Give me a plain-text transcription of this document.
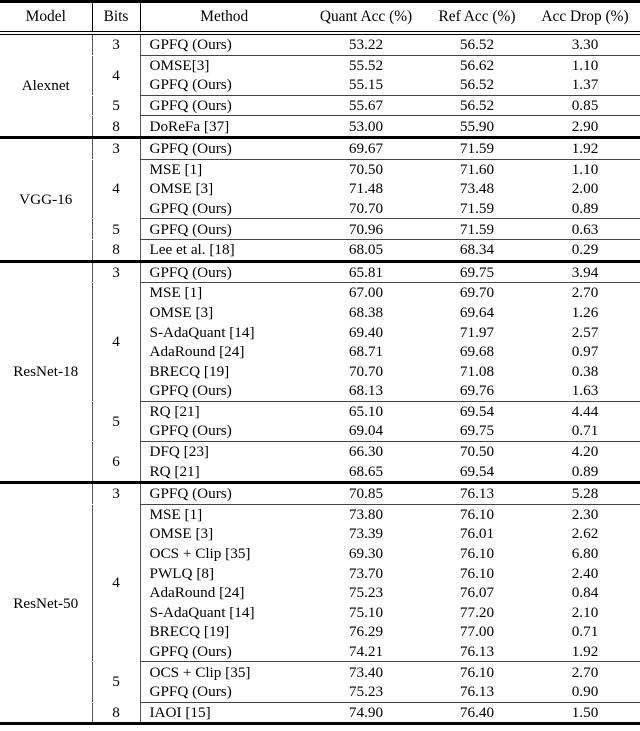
Model	Bits	Method	Quant Acc (%)	Ref Acc (%)	Acc Drop (%)

Alexnet	3	GPFQ (Ours)	53.22	56.52	3.30

	4	OMSE[3]	55.52	56.62	1.10
		GPFQ (Ours)	55.15	56.52	1.37

	5	GPFQ (Ours)	55.67	56.52	0.85

	8	DoReFa [37]	53.00	55.90	2.90

VGG-16	3	GPFQ (Ours)	69.67	71.59	1.92

	4	MSE [1]	70.50	71.60	1.10
		OMSE [3]	71.48	73.48	2.00
		GPFQ (Ours)	70.70	71.59	0.89

	5	GPFQ (Ours)	70.96	71.59	0.63

	8	Lee et al. [18]	68.05	68.34	0.29

ResNet-18	3	GPFQ (Ours)	65.81	69.75	3.94

	4	MSE [1]	67.00	69.70	2.70
		OMSE [3]	68.38	69.64	1.26
		S-AdaQuant [14]	69.40	71.97	2.57
		AdaRound [24]	68.71	69.68	0.97
		BRECQ [19]	70.70	71.08	0.38
		GPFQ (Ours)	68.13	69.76	1.63

	5	RQ [21]	65.10	69.54	4.44
		GPFQ (Ours)	69.04	69.75	0.71

	6	DFQ [23]	66.30	70.50	4.20
		RQ [21]	68.65	69.54	0.89

ResNet-50	3	GPFQ (Ours)	70.85	76.13	5.28

	4	MSE [1]	73.80	76.10	2.30
		OMSE [3]	73.39	76.01	2.62
		OCS + Clip [35]	69.30	76.10	6.80
		PWLQ [8]	73.70	76.10	2.40
		AdaRound [24]	75.23	76.07	0.84
		S-AdaQuant [14]	75.10	77.20	2.10
		BRECQ [19]	76.29	77.00	0.71
		GPFQ (Ours)	74.21	76.13	1.92

	5	OCS + Clip [35]	73.40	76.10	2.70
		GPFQ (Ours)	75.23	76.13	0.90

	8	IAOI [15]	74.90	76.40	1.50
